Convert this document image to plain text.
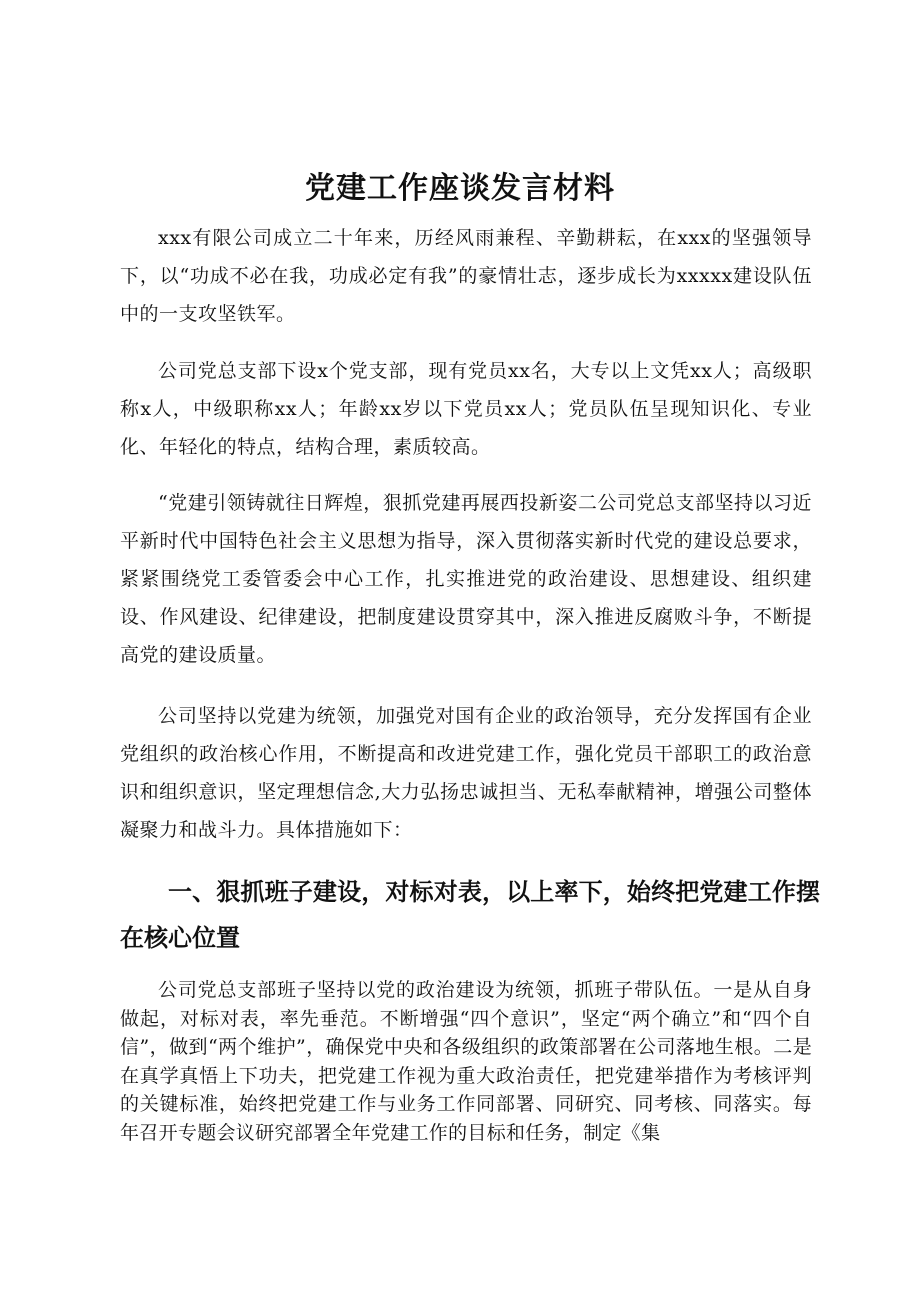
党建工作座谈发言材料

xxx有限公司成立二十年来，历经风雨兼程、辛勤耕耘，在xxx的坚强领导下，以“功成不必在我，功成必定有我”的豪情壮志，逐步成长为xxxxx建设队伍中的一支攻坚铁军。

公司党总支部下设x个党支部，现有党员xx名，大专以上文凭xx人；高级职称x人，中级职称xx人；年龄xx岁以下党员xx人；党员队伍呈现知识化、专业化、年轻化的特点，结构合理，素质较高。

“党建引领铸就往日辉煌，狠抓党建再展西投新姿二公司党总支部坚持以习近平新时代中国特色社会主义思想为指导，深入贯彻落实新时代党的建设总要求，紧紧围绕党工委管委会中心工作，扎实推进党的政治建设、思想建设、组织建设、作风建设、纪律建设，把制度建设贯穿其中，深入推进反腐败斗争，不断提高党的建设质量。

公司坚持以党建为统领，加强党对国有企业的政治领导，充分发挥国有企业党组织的政治核心作用，不断提高和改进党建工作，强化党员干部职工的政治意识和组织意识，坚定理想信念,大力弘扬忠诚担当、无私奉献精神，增强公司整体凝聚力和战斗力。具体措施如下：

一、狠抓班子建设，对标对表，以上率下，始终把党建工作摆在核心位置

公司党总支部班子坚持以党的政治建设为统领，抓班子带队伍。一是从自身做起，对标对表，率先垂范。不断增强“四个意识”，坚定“两个确立”和“四个自信”，做到“两个维护”，确保党中央和各级组织的政策部署在公司落地生根。二是在真学真悟上下功夫，把党建工作视为重大政治责任，把党建举措作为考核评判的关键标准，始终把党建工作与业务工作同部署、同研究、同考核、同落实。每年召开专题会议研究部署全年党建工作的目标和任务，制定《集
